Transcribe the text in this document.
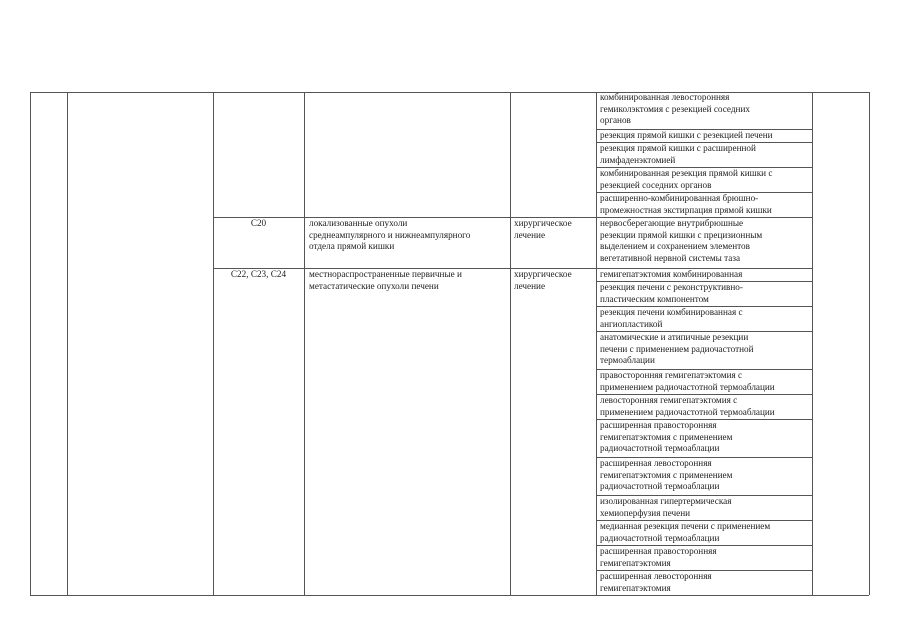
комбинированная левосторонняя
гемиколэктомия с резекцией соседних
органов
резекция прямой кишки с резекцией печени
резекция прямой кишки с расширенной
лимфаденэктомией
комбинированная резекция прямой кишки с
резекцией соседних органов
расширенно-комбинированная брюшно-
промежностная экстирпация прямой кишки
C20	локализованные опухоли
среднеампулярного и нижнеампулярного
отдела прямой кишки
хирургическое
лечение
нервосберегающие внутрибрюшные
резекции прямой кишки с прецизионным
выделением и сохранением элементов
вегетативной нервной системы таза
C22, C23, C24	местнораспространенные первичные и
метастатические опухоли печени
хирургическое
лечение
гемигепатэктомия комбинированная
резекция печени с реконструктивно-
пластическим компонентом
резекция печени комбинированная с
ангиопластикой
анатомические и атипичные резекции
печени с применением радиочастотной
термоаблации
правосторонняя гемигепатэктомия с
применением радиочастотной термоаблации
левосторонняя гемигепатэктомия с
применением радиочастотной термоаблации
расширенная правосторонняя
гемигепатэктомия с применением
радиочастотной термоаблации
расширенная левосторонняя
гемигепатэктомия с применением
радиочастотной термоаблации
изолированная гипертермическая
хемиоперфузия печени
медианная резекция печени с применением
радиочастотной термоаблации
расширенная правосторонняя
гемигепатэктомия
расширенная левосторонняя
гемигепатэктомия
